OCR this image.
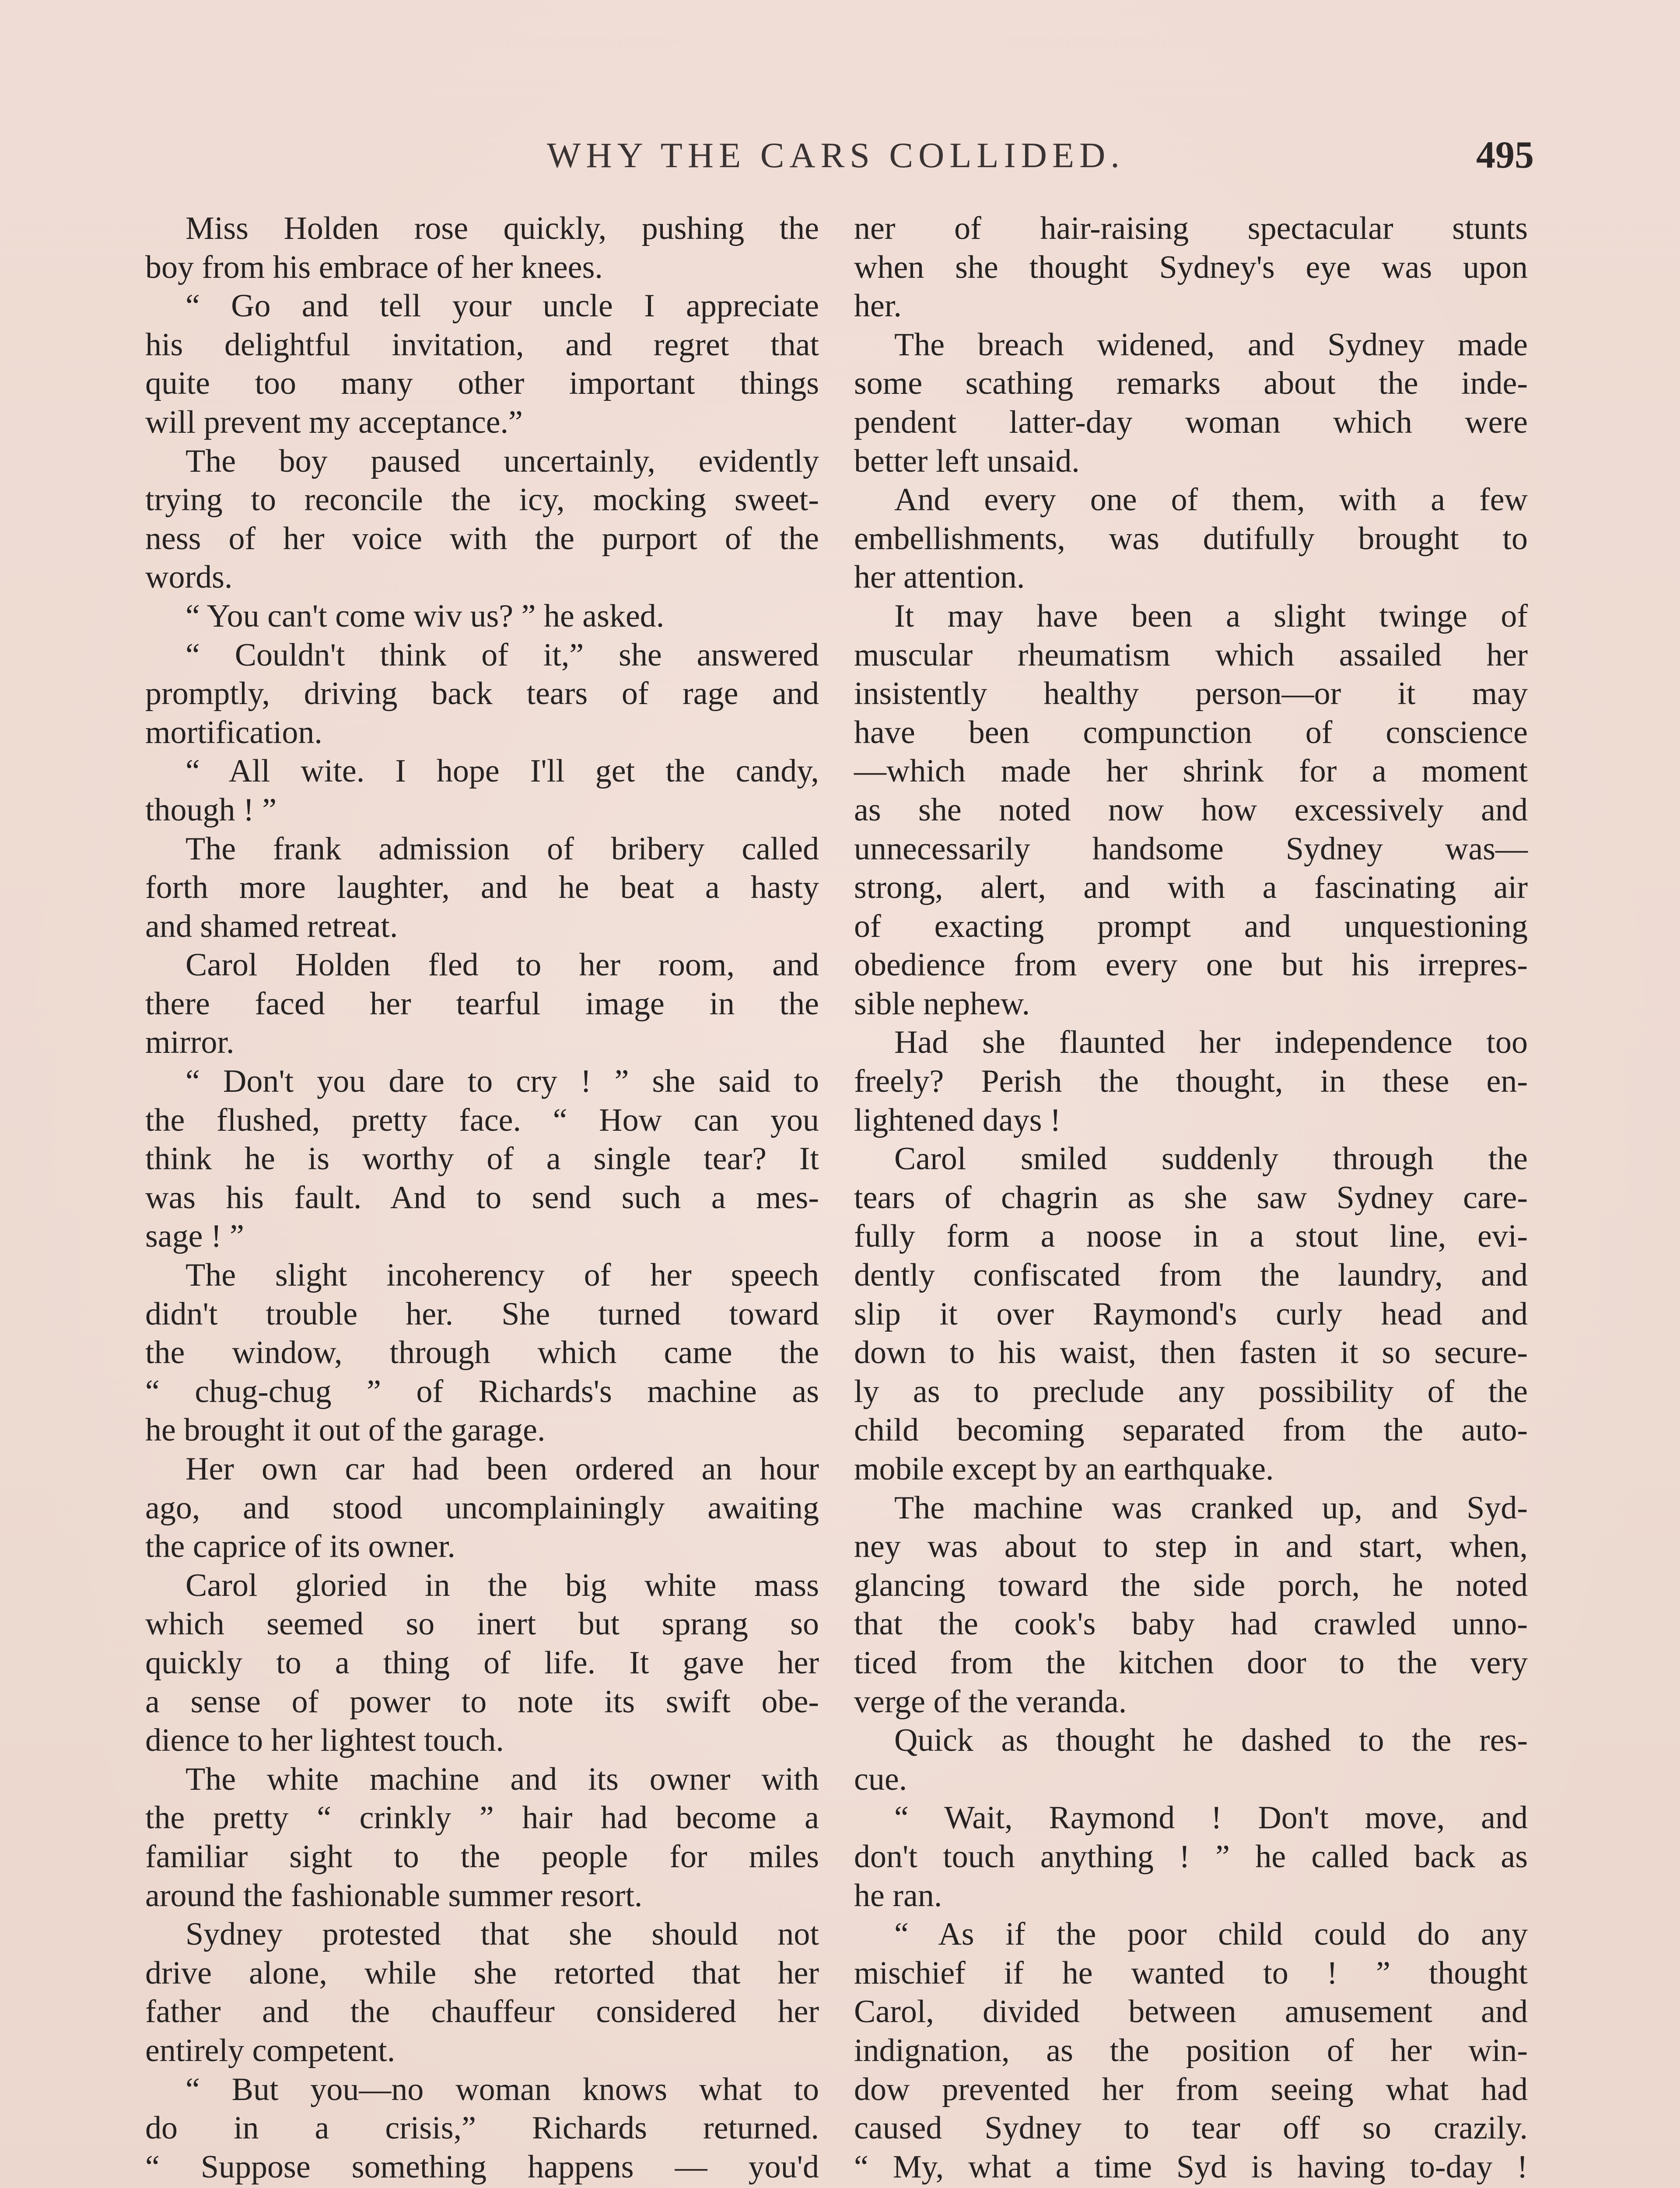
WHY THE CARS COLLIDED.	495
Miss Holden rose quickly, pushing the
boy from his embrace of her knees.
“ Go and tell your uncle I appreciate
his delightful invitation, and regret that
quite too many other important things
will prevent my acceptance.”
The boy paused uncertainly, evidently
trying to reconcile the icy, mocking sweet-
ness of her voice with the purport of the
words.
“ You can't come wiv us? ” he asked.
“ Couldn't think of it,” she answered
promptly, driving back tears of rage and
mortification.
“ All wite. I hope I'll get the candy,
though ! ”
The frank admission of bribery called
forth more laughter, and he beat a hasty
and shamed retreat.
Carol Holden fled to her room, and
there faced her tearful image in the
mirror.
“ Don't you dare to cry ! ” she said to
the flushed, pretty face. “ How can you
think he is worthy of a single tear? It
was his fault. And to send such a mes-
sage ! ”
The slight incoherency of her speech
didn't trouble her. She turned toward
the window, through which came the
“ chug-chug ” of Richards's machine as
he brought it out of the garage.
Her own car had been ordered an hour
ago, and stood uncomplainingly awaiting
the caprice of its owner.
Carol gloried in the big white mass
which seemed so inert but sprang so
quickly to a thing of life. It gave her
a sense of power to note its swift obe-
dience to her lightest touch.
The white machine and its owner with
the pretty “ crinkly ” hair had become a
familiar sight to the people for miles
around the fashionable summer resort.
Sydney protested that she should not
drive alone, while she retorted that her
father and the chauffeur considered her
entirely competent.
“ But you—no woman knows what to
do in a crisis,” Richards returned.
“ Suppose something happens — you'd
ner of hair-raising spectacular stunts
when she thought Sydney's eye was upon
her.
The breach widened, and Sydney made
some scathing remarks about the inde-
pendent latter-day woman which were
better left unsaid.
And every one of them, with a few
embellishments, was dutifully brought to
her attention.
It may have been a slight twinge of
muscular rheumatism which assailed her
insistently healthy person—or it may
have been compunction of conscience
—which made her shrink for a moment
as she noted now how excessively and
unnecessarily handsome Sydney was—
strong, alert, and with a fascinating air
of exacting prompt and unquestioning
obedience from every one but his irrepres-
sible nephew.
Had she flaunted her independence too
freely? Perish the thought, in these en-
lightened days !
Carol smiled suddenly through the
tears of chagrin as she saw Sydney care-
fully form a noose in a stout line, evi-
dently confiscated from the laundry, and
slip it over Raymond's curly head and
down to his waist, then fasten it so secure-
ly as to preclude any possibility of the
child becoming separated from the auto-
mobile except by an earthquake.
The machine was cranked up, and Syd-
ney was about to step in and start, when,
glancing toward the side porch, he noted
that the cook's baby had crawled unno-
ticed from the kitchen door to the very
verge of the veranda.
Quick as thought he dashed to the res-
cue.
“ Wait, Raymond ! Don't move, and
don't touch anything ! ” he called back as
he ran.
“ As if the poor child could do any
mischief if he wanted to ! ” thought
Carol, divided between amusement and
indignation, as the position of her win-
dow prevented her from seeing what had
caused Sydney to tear off so crazily.
“ My, what a time Syd is having to-day !
